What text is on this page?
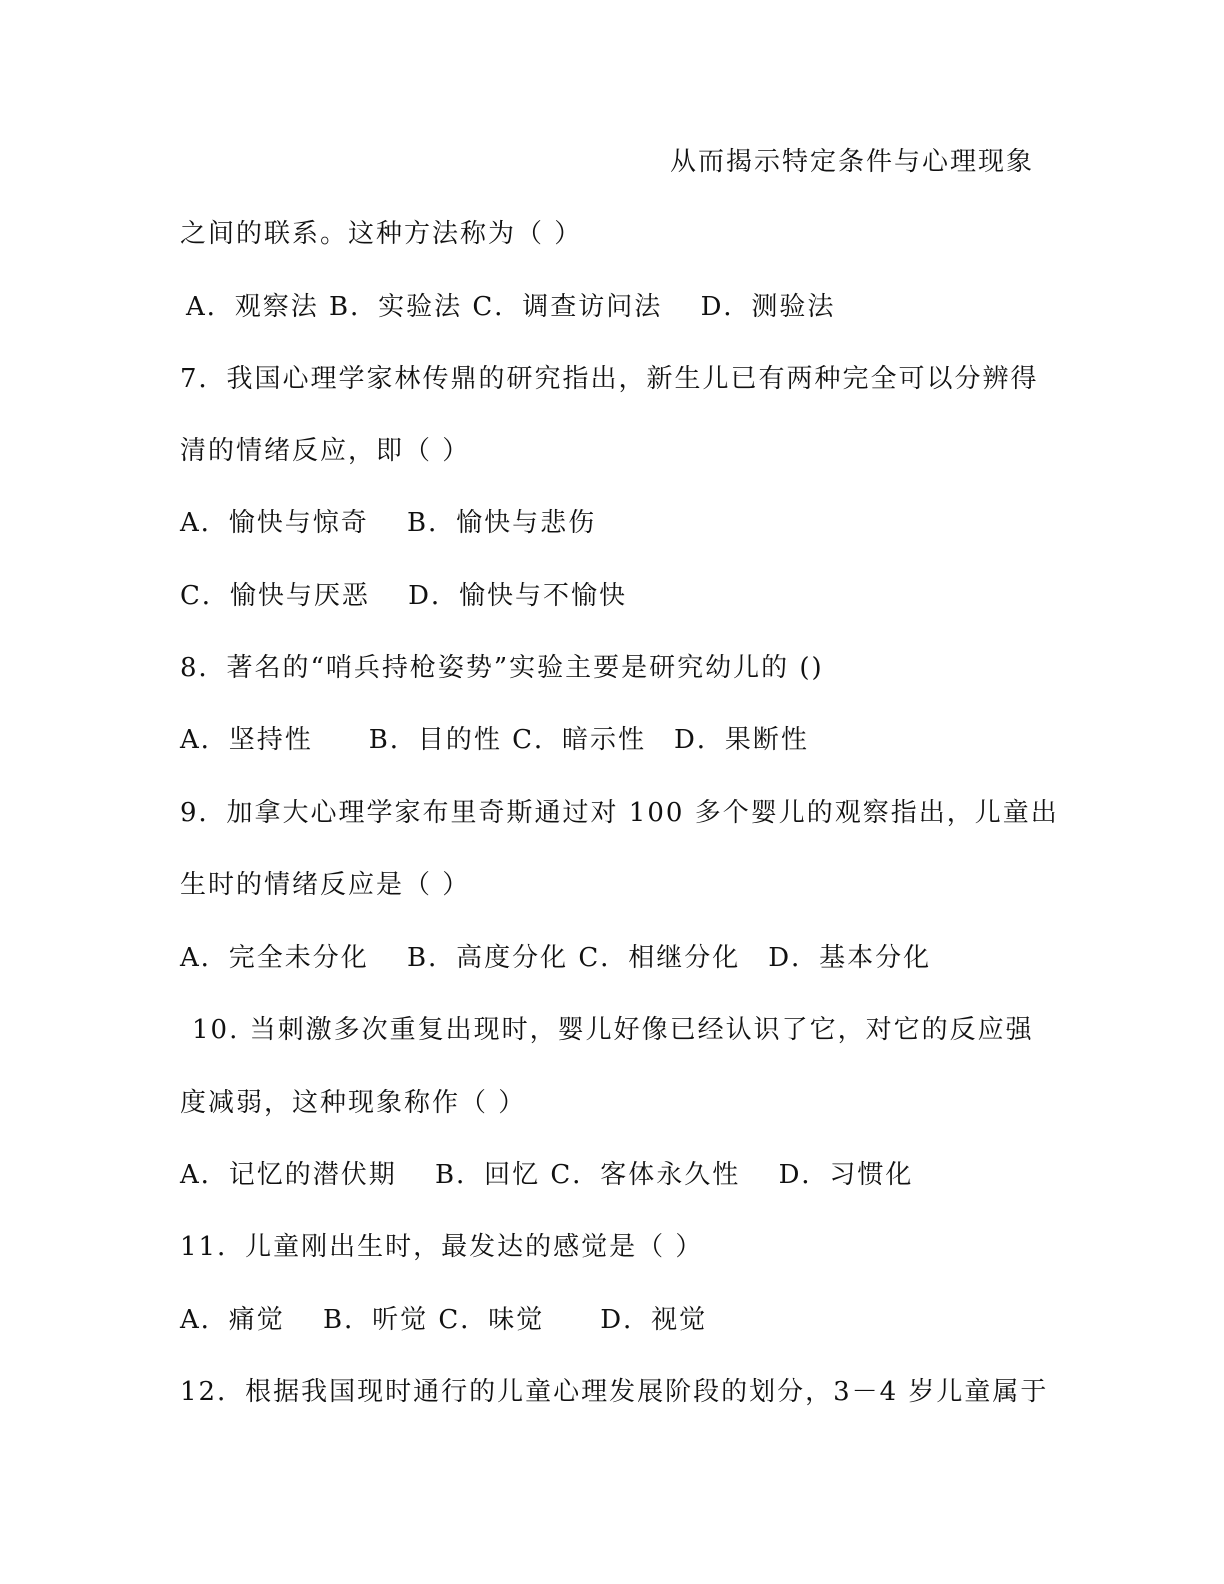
从而揭示特定条件与心理现象
之间的联系。这种方法称为（ ）
A．观察法 B．实验法 C．调查访问法　 D．测验法
7．我国心理学家林传鼎的研究指出，新生儿已有两种完全可以分辨得
清的情绪反应，即（ ）
A．愉快与惊奇　 B．愉快与悲伤
C．愉快与厌恶　 D．愉快与不愉快
8．著名的“哨兵持枪姿势”实验主要是研究幼儿的 ()
A．坚持性　　B．目的性 C．暗示性　D．果断性
9．加拿大心理学家布里奇斯通过对 100 多个婴儿的观察指出，儿童出
生时的情绪反应是（ ）
A．完全未分化　 B．高度分化 C．相继分化　D．基本分化
10. 当刺激多次重复出现时，婴儿好像已经认识了它，对它的反应强
度减弱，这种现象称作（ ）
A．记忆的潜伏期　 B．回忆 C．客体永久性　 D．习惯化
11．儿童刚出生时，最发达的感觉是（ ）
A．痛觉　 B．听觉 C．味觉　　D．视觉
12．根据我国现时通行的儿童心理发展阶段的划分，3－4 岁儿童属于
